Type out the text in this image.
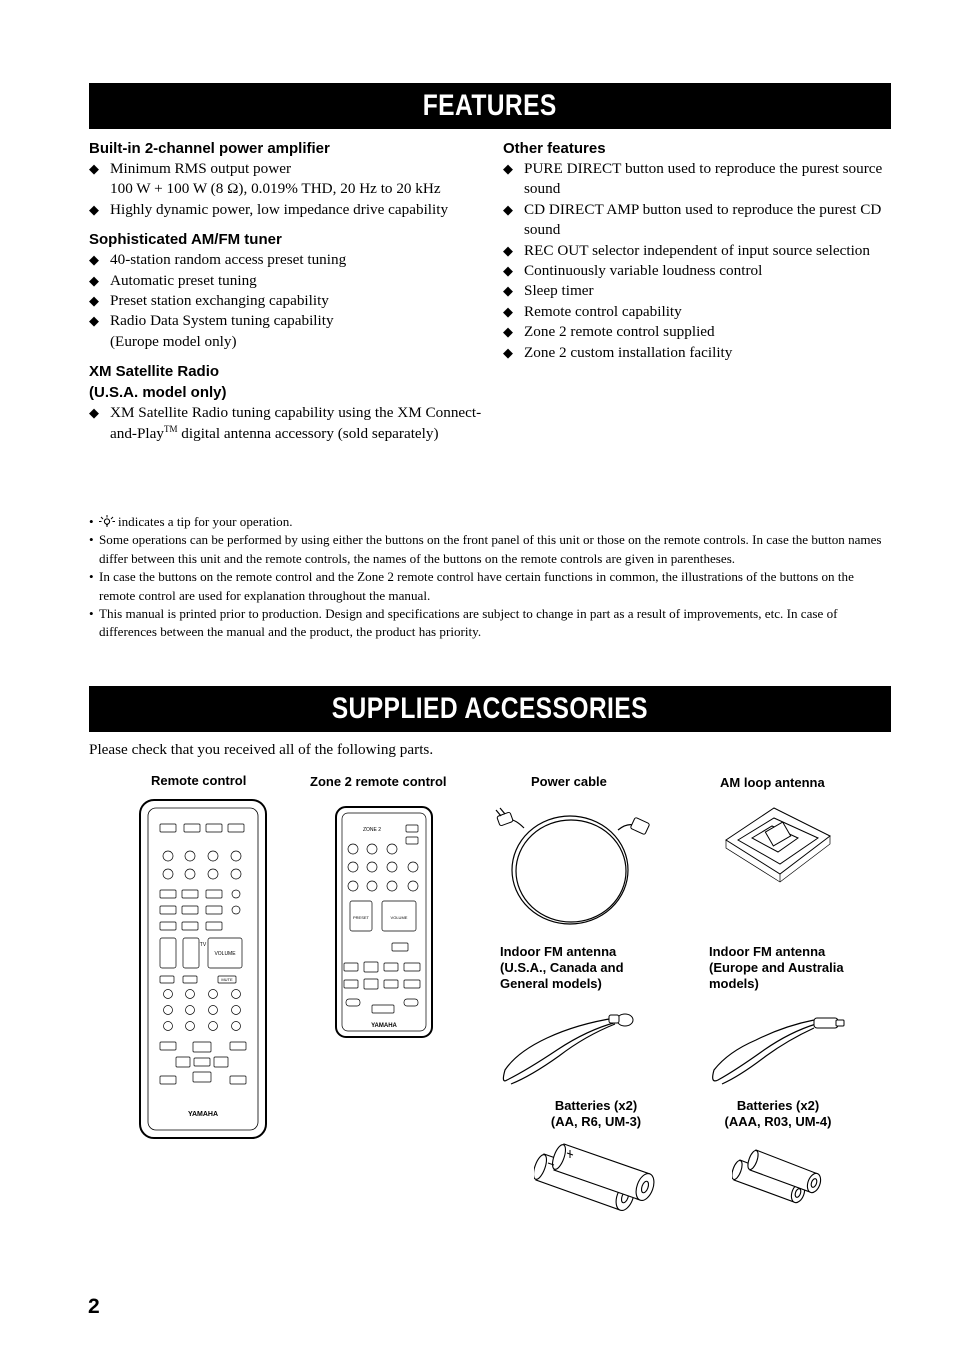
FEATURES
Built-in 2-channel power amplifier
◆ Minimum RMS output power
100 W + 100 W (8 Ω), 0.019% THD, 20 Hz to 20 kHz
◆ Highly dynamic power, low impedance drive capability
Sophisticated AM/FM tuner
◆ 40-station random access preset tuning
◆ Automatic preset tuning
◆ Preset station exchanging capability
◆ Radio Data System tuning capability
(Europe model only)
XM Satellite Radio
(U.S.A. model only)
◆ XM Satellite Radio tuning capability using the XM Connect-and-Play™ digital antenna accessory (sold separately)
Other features
◆ PURE DIRECT button used to reproduce the purest source sound
◆ CD DIRECT AMP button used to reproduce the purest CD sound
◆ REC OUT selector independent of input source selection
◆ Continuously variable loudness control
◆ Sleep timer
◆ Remote control capability
◆ Zone 2 remote control supplied
◆ Zone 2 custom installation facility
• indicates a tip for your operation.
• Some operations can be performed by using either the buttons on the front panel of this unit or those on the remote controls. In case the button names differ between this unit and the remote controls, the names of the buttons on the remote controls are given in parentheses.
• In case the buttons on the remote control and the Zone 2 remote control have certain functions in common, the illustrations of the buttons on the remote control are used for explanation throughout the manual.
• This manual is printed prior to production. Design and specifications are subject to change in part as a result of improvements, etc. In case of differences between the manual and the product, the product has priority.
SUPPLIED ACCESSORIES
Please check that you received all of the following parts.
Remote control	Zone 2 remote control	Power cable	AM loop antenna
Indoor FM antenna
(U.S.A., Canada and
General models)
Indoor FM antenna
(Europe and Australia
models)
Batteries (x2)
(AA, R6, UM-3)
Batteries (x2)
(AAA, R03, UM-4)
TV
VOLUME
MUTE
YAMAHA
ZONE 2
VOLUME
PRESET
YAMAHA
2
